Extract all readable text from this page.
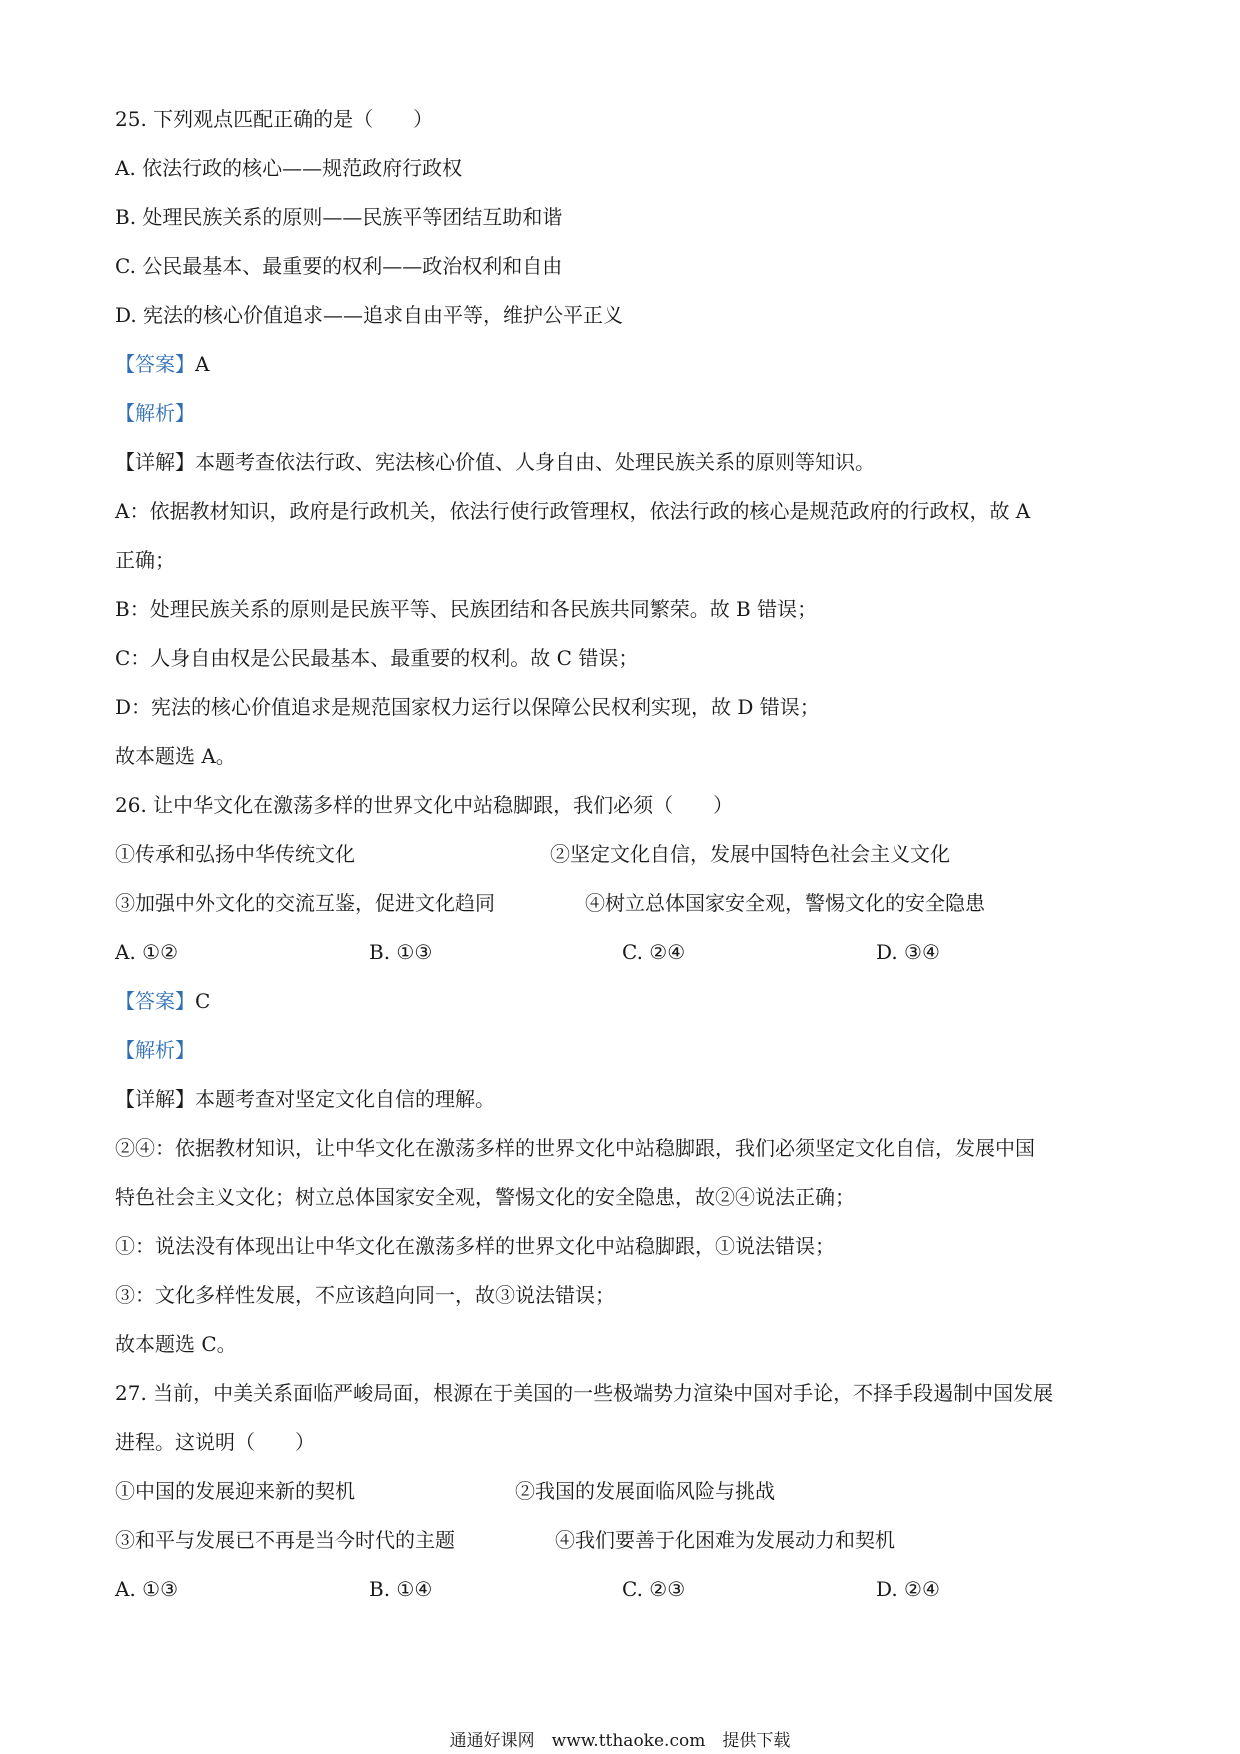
25. 下列观点匹配正确的是（　　）
A. 依法行政的核心——规范政府行政权
B. 处理民族关系的原则——民族平等团结互助和谐
C. 公民最基本、最重要的权利——政治权利和自由
D. 宪法的核心价值追求——追求自由平等，维护公平正义
【答案】A
【解析】
【详解】本题考查依法行政、宪法核心价值、人身自由、处理民族关系的原则等知识。
A：依据教材知识，政府是行政机关，依法行使行政管理权，依法行政的核心是规范政府的行政权，故 A
正确；
B：处理民族关系的原则是民族平等、民族团结和各民族共同繁荣。故 B 错误；
C：人身自由权是公民最基本、最重要的权利。故 C 错误；
D：宪法的核心价值追求是规范国家权力运行以保障公民权利实现，故 D 错误；
故本题选 A。
26. 让中华文化在激荡多样的世界文化中站稳脚跟，我们必须（　　）
①传承和弘扬中华传统文化	②坚定文化自信，发展中国特色社会主义文化
③加强中外文化的交流互鉴，促进文化趋同	④树立总体国家安全观，警惕文化的安全隐患
A. ①②	B. ①③	C. ②④	D. ③④
【答案】C
【解析】
【详解】本题考查对坚定文化自信的理解。
②④：依据教材知识，让中华文化在激荡多样的世界文化中站稳脚跟，我们必须坚定文化自信，发展中国
特色社会主义文化；树立总体国家安全观，警惕文化的安全隐患，故②④说法正确；
①：说法没有体现出让中华文化在激荡多样的世界文化中站稳脚跟，①说法错误；
③：文化多样性发展，不应该趋向同一，故③说法错误；
故本题选 C。
27. 当前，中美关系面临严峻局面，根源在于美国的一些极端势力渲染中国对手论，不择手段遏制中国发展
进程。这说明（　　）
①中国的发展迎来新的契机	②我国的发展面临风险与挑战
③和平与发展已不再是当今时代的主题	④我们要善于化困难为发展动力和契机
A. ①③	B. ①④	C. ②③	D. ②④
通通好课网　www.tthaoke.com　提供下载
